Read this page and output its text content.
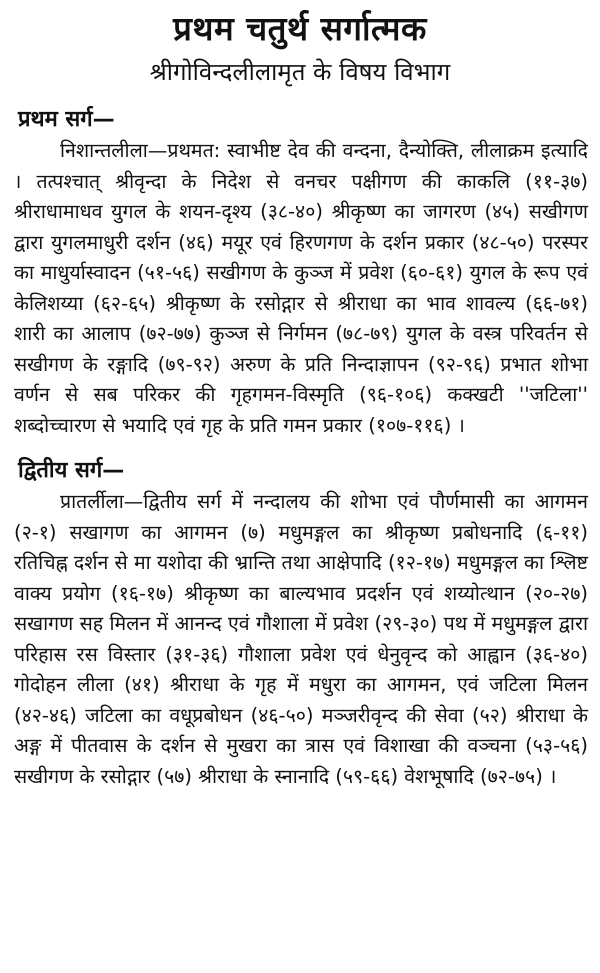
प्रथम चतुर्थ सर्गात्मक
श्रीगोविन्दलीलामृत के विषय विभाग
प्रथम सर्ग—

निशान्तलीला—प्रथमत: स्वाभीष्ट देव की वन्दना, दैन्योक्ति, लीलाक्रम इत्यादि । तत्पश्चात् श्रीवृन्दा के निदेश से वनचर पक्षीगण की काकलि (११-३७) श्रीराधामाधव युगल के शयन-दृश्य (३८-४०) श्रीकृष्ण का जागरण (४५) सखीगण द्वारा युगलमाधुरी दर्शन (४६) मयूर एवं हिरणगण के दर्शन प्रकार (४८-५०) परस्पर का माधुर्यास्वादन (५१-५६) सखीगण के कुञ्ज में प्रवेश (६०-६१) युगल के रूप एवं केलिशय्या (६२-६५) श्रीकृष्ण के रसोद्गार से श्रीराधा का भाव शावल्य (६६-७१) शारी का आलाप (७२-७७) कुञ्ज से निर्गमन (७८-७९) युगल के वस्त्र परिवर्तन से सखीगण के रङ्गादि (७९-९२) अरुण के प्रति निन्दाज्ञापन (९२-९६) प्रभात शोभा वर्णन से सब परिकर की गृहगमन-विस्मृति (९६-१०६) कक्खटी ''जटिला'' शब्दोच्चारण से भयादि एवं गृह के प्रति गमन प्रकार (१०७-११६) ।

द्वितीय सर्ग—

प्रातर्लीला—द्वितीय सर्ग में नन्दालय की शोभा एवं पौर्णमासी का आगमन (२-१) सखागण का आगमन (७) मधुमङ्गल का श्रीकृष्ण प्रबोधनादि (६-११) रतिचिह्न दर्शन से मा यशोदा की भ्रान्ति तथा आक्षेपादि (१२-१७) मधुमङ्गल का श्लिष्ट वाक्य प्रयोग (१६-१७) श्रीकृष्ण का बाल्यभाव प्रदर्शन एवं शय्योत्थान (२०-२७) सखागण सह मिलन में आनन्द एवं गौशाला में प्रवेश (२९-३०) पथ में मधुमङ्गल द्वारा परिहास रस विस्तार (३१-३६) गौशाला प्रवेश एवं धेनुवृन्द को आह्वान (३६-४०) गोदोहन लीला (४१) श्रीराधा के गृह में मधुरा का आगमन, एवं जटिला मिलन (४२-४६) जटिला का वधूप्रबोधन (४६-५०) मञ्जरीवृन्द की सेवा (५२) श्रीराधा के अङ्ग में पीतवास के दर्शन से मुखरा का त्रास एवं विशाखा की वञ्चना (५३-५६) सखीगण के रसोद्गार (५७) श्रीराधा के स्नानादि (५९-६६) वेशभूषादि (७२-७५) ।
